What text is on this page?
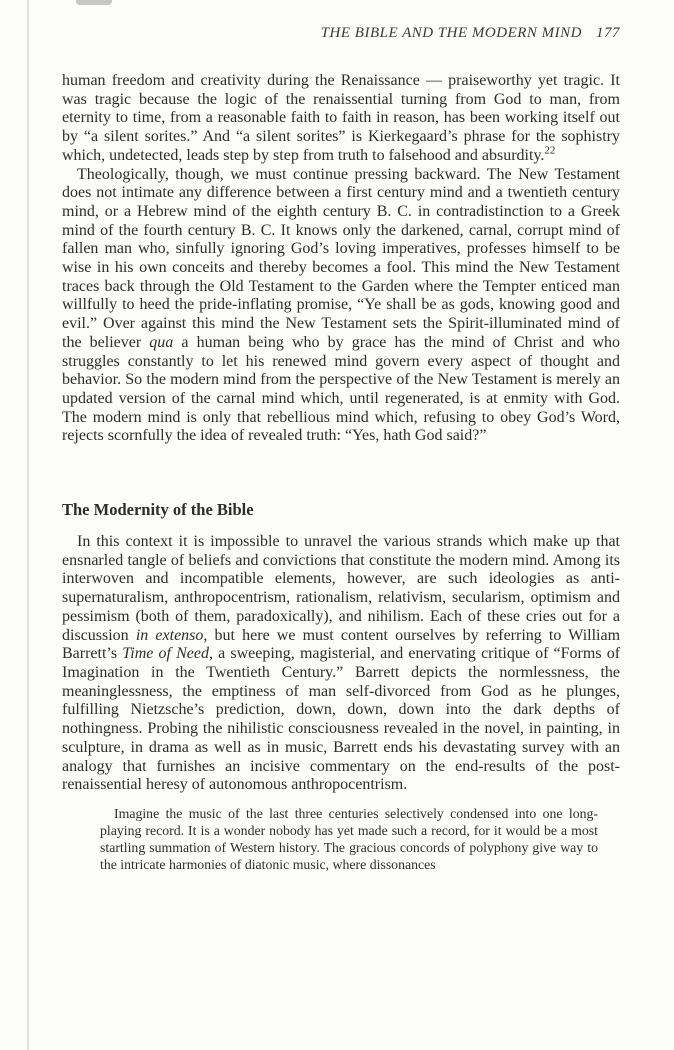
THE BIBLE AND THE MODERN MIND 177

human freedom and creativity during the Renaissance — praiseworthy yet tragic. It was tragic because the logic of the renaissential turning from God to man, from eternity to time, from a reasonable faith to faith in reason, has been working itself out by “a silent sorites.” And “a silent sorites” is Kierkegaard’s phrase for the sophistry which, undetected, leads step by step from truth to falsehood and absurdity.$^{22}$

Theologically, though, we must continue pressing backward. The New Testament does not intimate any difference between a first century mind and a twentieth century mind, or a Hebrew mind of the eighth century B. C. in contradistinction to a Greek mind of the fourth century B. C. It knows only the darkened, carnal, corrupt mind of fallen man who, sinfully ignoring God’s loving imperatives, professes himself to be wise in his own conceits and thereby becomes a fool. This mind the New Testament traces back through the Old Testament to the Garden where the Tempter enticed man willfully to heed the pride-inflating promise, “Ye shall be as gods, knowing good and evil.” Over against this mind the New Testament sets the Spirit-illuminated mind of the believer qua a human being who by grace has the mind of Christ and who struggles constantly to let his renewed mind govern every aspect of thought and behavior. So the modern mind from the perspective of the New Testament is merely an updated version of the carnal mind which, until regenerated, is at enmity with God. The modern mind is only that rebellious mind which, refusing to obey God’s Word, rejects scornfully the idea of revealed truth: “Yes, hath God said?”

The Modernity of the Bible

In this context it is impossible to unravel the various strands which make up that ensnarled tangle of beliefs and convictions that constitute the modern mind. Among its interwoven and incompatible elements, however, are such ideologies as anti-supernaturalism, anthropocentrism, rationalism, relativism, secularism, optimism and pessimism (both of them, paradoxically), and nihilism. Each of these cries out for a discussion in extenso, but here we must content ourselves by referring to William Barrett’s Time of Need, a sweeping, magisterial, and enervating critique of “Forms of Imagination in the Twentieth Century.” Barrett depicts the normlessness, the meaninglessness, the emptiness of man self-divorced from God as he plunges, fulfilling Nietzsche’s prediction, down, down, down into the dark depths of nothingness. Probing the nihilistic consciousness revealed in the novel, in painting, in sculpture, in drama as well as in music, Barrett ends his devastating survey with an analogy that furnishes an incisive commentary on the end-results of the post-renaissential heresy of autonomous anthropocentrism.

Imagine the music of the last three centuries selectively condensed into one long-playing record. It is a wonder nobody has yet made such a record, for it would be a most startling summation of Western history. The gracious concords of polyphony give way to the intricate harmonies of diatonic music, where dissonances
